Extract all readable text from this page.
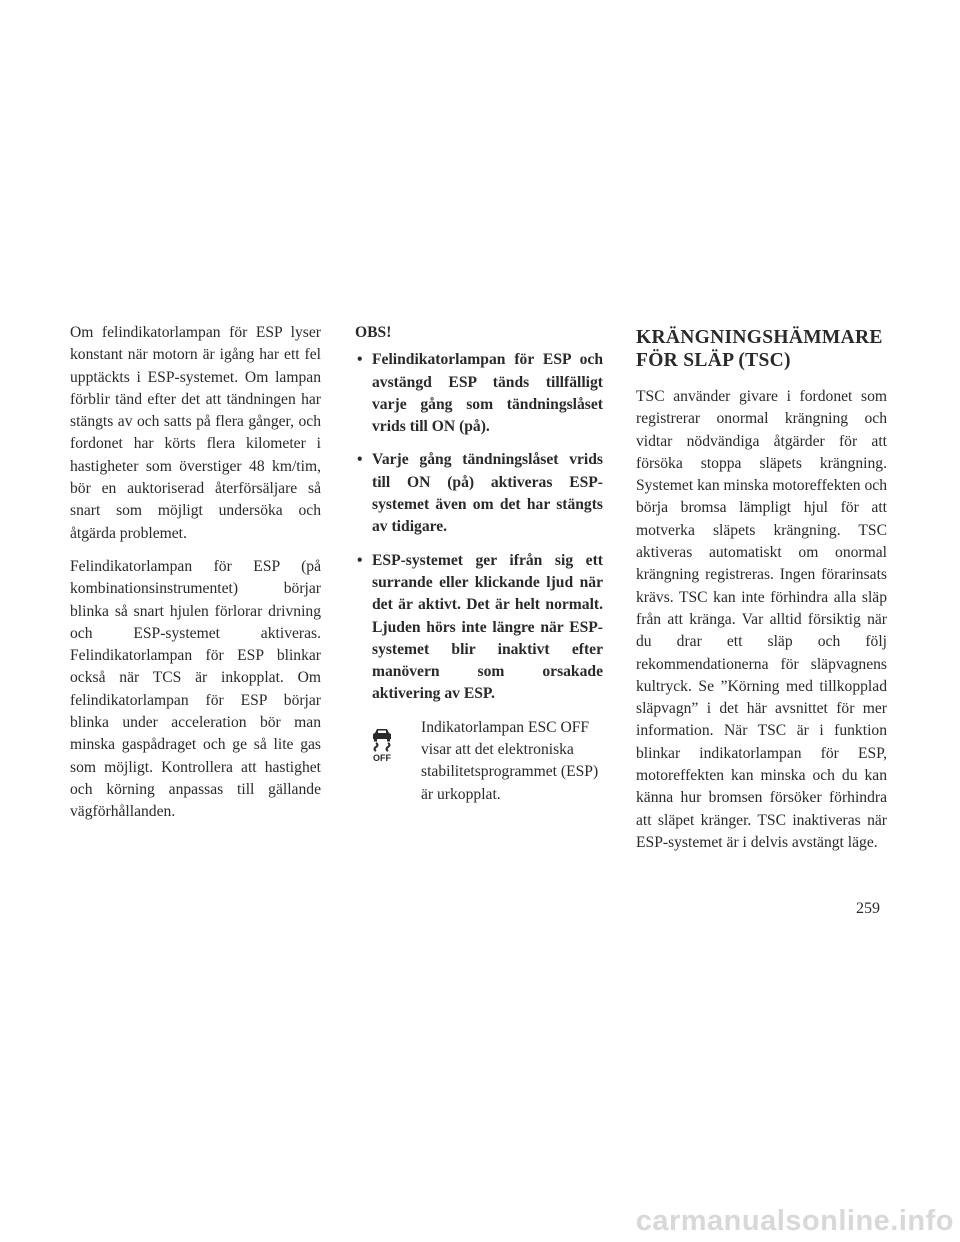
Om felindikatorlampan för ESP lyser konstant när motorn är igång har ett fel upptäckts i ESP-systemet. Om lampan förblir tänd efter det att tändningen har stängts av och satts på flera gånger, och fordonet har körts flera kilometer i hastigheter som överstiger 48 km/tim, bör en auktoriserad återförsäljare så snart som möjligt undersöka och åtgärda problemet.

Felindikatorlampan för ESP (på kombinationsinstrumentet) börjar blinka så snart hjulen förlorar drivning och ESP-systemet aktiveras. Felindikatorlampan för ESP blinkar också när TCS är inkopplat. Om felindikatorlampan för ESP börjar blinka under acceleration bör man minska gaspådraget och ge så lite gas som möjligt. Kontrollera att hastighet och körning anpassas till gällande vägförhållanden.

OBS!
• Felindikatorlampan för ESP och avstängd ESP tänds tillfälligt varje gång som tändningslåset vrids till ON (på).
• Varje gång tändningslåset vrids till ON (på) aktiveras ESP-systemet även om det har stängts av tidigare.
• ESP-systemet ger ifrån sig ett surrande eller klickande ljud när det är aktivt. Det är helt normalt. Ljuden hörs inte längre när ESP-systemet blir inaktivt efter manövern som orsakade aktivering av ESP.
OFF
Indikatorlampan ESC OFF visar att det elektroniska stabilitetsprogrammet (ESP) är urkopplat.
KRÄNGNINGSHÄMMARE
FÖR SLÄP (TSC)

TSC använder givare i fordonet som registrerar onormal krängning och vidtar nödvändiga åtgärder för att försöka stoppa släpets krängning. Systemet kan minska motoreffekten och börja bromsa lämpligt hjul för att motverka släpets krängning. TSC aktiveras automatiskt om onormal krängning registreras. Ingen förarinsats krävs. TSC kan inte förhindra alla släp från att kränga. Var alltid försiktig när du drar ett släp och följ rekommendationerna för släpvagnens kultryck. Se ”Körning med tillkopplad släpvagn” i det här avsnittet för mer information. När TSC är i funktion blinkar indikatorlampan för ESP, motoreffekten kan minska och du kan känna hur bromsen försöker förhindra att släpet kränger. TSC inaktiveras när ESP-systemet är i delvis avstängt läge.

259
carmanualsonline.info
